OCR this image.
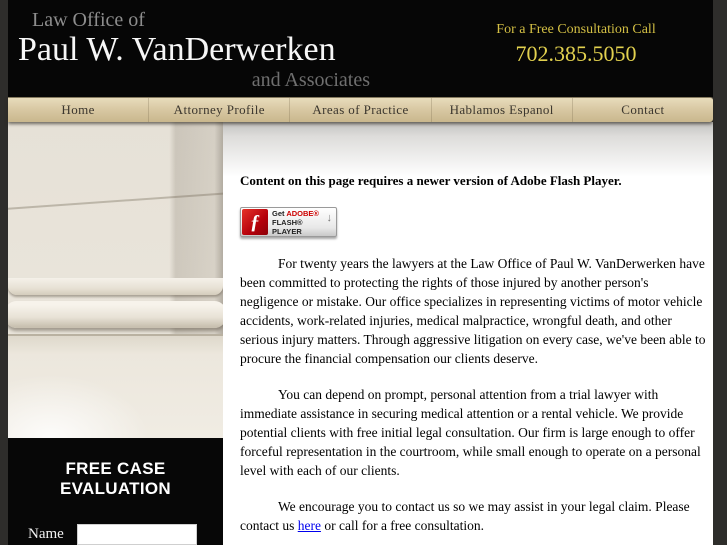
Law Office of
Paul W. VanDerwerken
and Associates
For a Free Consultation Call
702.385.5050
Home	Attorney Profile	Areas of Practice	Hablamos Espanol	Contact
FREE CASE EVALUATION
Name
Content on this page requires a newer version of Adobe Flash Player.
ƒ	Get ADOBE®
FLASH® PLAYER
↓

For twenty years the lawyers at the Law Office of Paul W. VanDerwerken have been committed to protecting the rights of those injured by another person's negligence or mistake. Our office specializes in representing victims of motor vehicle accidents, work-related injuries, medical malpractice, wrongful death, and other serious injury matters. Through aggressive litigation on every case, we've been able to procure the financial compensation our clients deserve.

You can depend on prompt, personal attention from a trial lawyer with immediate assistance in securing medical attention or a rental vehicle. We provide potential clients with free initial legal consultation. Our firm is large enough to offer forceful representation in the courtroom, while small enough to operate on a personal level with each of our clients.

We encourage you to contact us so we may assist in your legal claim. Please contact us here or call for a free consultation.
